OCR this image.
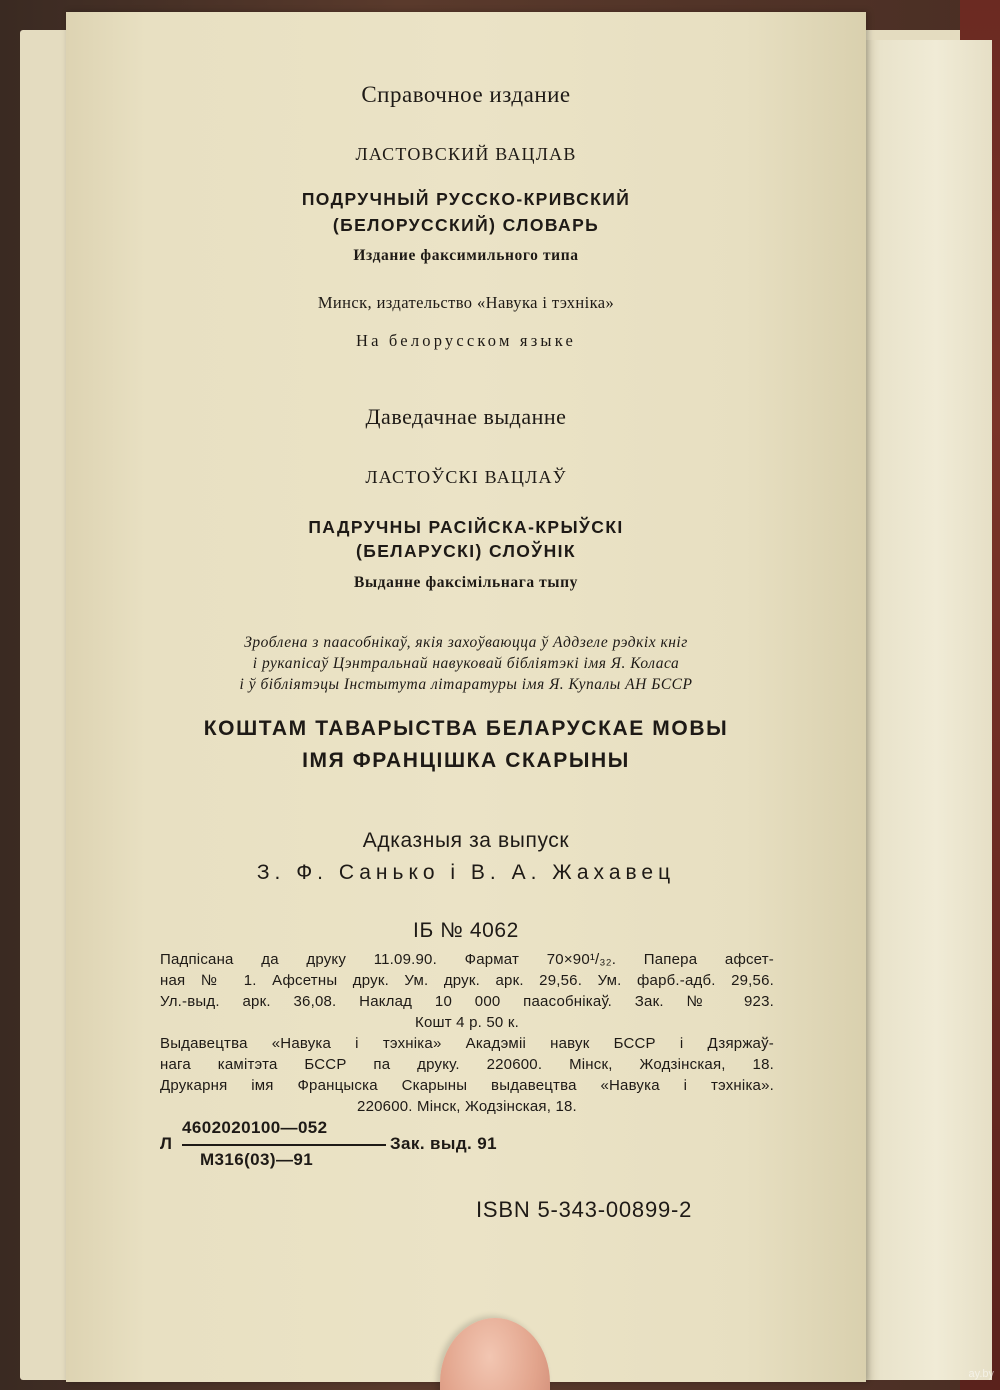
Справочное издание
ЛАСТОВСКИЙ ВАЦЛАВ
ПОДРУЧНЫЙ РУССКО-КРИВСКИЙ
(БЕЛОРУССКИЙ) СЛОВАРЬ
Издание факсимильного типа
Минск, издательство «Навука і тэхніка»
На белорусском языке
Даведачнае выданне
ЛАСТОЎСКІ ВАЦЛАЎ
ПАДРУЧНЫ РАСІЙСКА-КРЫЎСКІ
(БЕЛАРУСКІ) СЛОЎНІК
Выданне факсімільнага тыпу
Зроблена з паасобнікаў, якія захоўваюцца ў Аддзеле рэдкіх кніг
і рукапісаў Цэнтральнай навуковай бібліятэкі імя Я. Коласа
і ў бібліятэцы Інстытута літаратуры імя Я. Купалы АН БССР
КОШТАМ ТАВАРЫСТВА БЕЛАРУСКАЕ МОВЫ
ІМЯ ФРАНЦІШКА СКАРЫНЫ
Адказныя за выпуск
З. Ф. Санько і В. А. Жахавец
ІБ № 4062
Падпісана да друку 11.09.90. Фармат 70×90¹/₃₂. Папера афсет-
ная № 1. Афсетны друк. Ум. друк. арк. 29,56. Ум. фарб.-адб. 29,56.
Ул.-выд. арк. 36,08. Наклад 10 000 паасобнікаў. Зак. № 923.
Кошт 4 р. 50 к.
Выдавецтва «Навука і тэхніка» Акадэміі навук БССР і Дзяржаў-
нага камітэта БССР па друку. 220600. Мінск, Жодзінская, 18.
Друкарня імя Францыска Скарыны выдавецтва «Навука і тэхніка».
220600. Мінск, Жодзінская, 18.
Л
4602020100—052
М316(03)—91
Зак. выд. 91
ISBN 5-343-00899-2
ay.by
